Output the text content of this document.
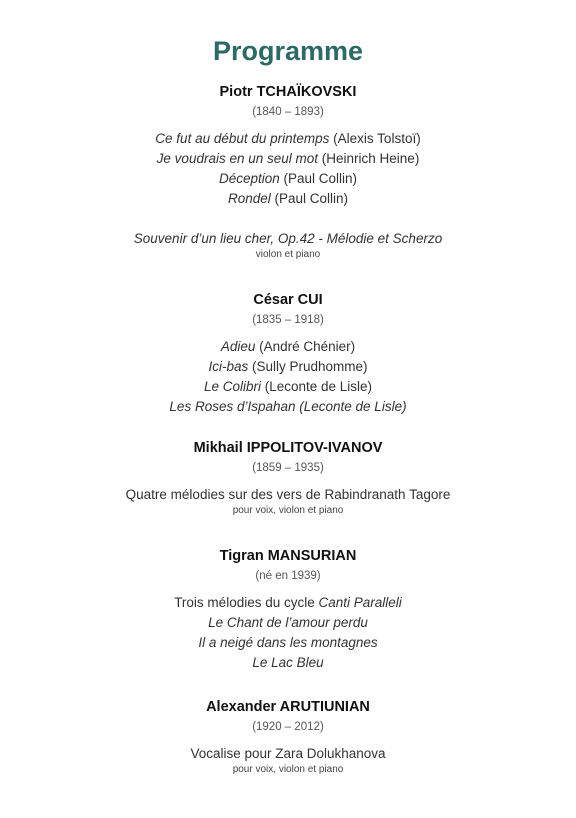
Programme
Piotr TCHAÏKOVSKI
(1840 – 1893)
Ce fut au début du printemps (Alexis Tolstoï)
Je voudrais en un seul mot (Heinrich Heine)
Déception (Paul Collin)
Rondel (Paul Collin)
Souvenir d’un lieu cher, Op.42 - Mélodie et Scherzo
violon et piano
César CUI
(1835 – 1918)
Adieu (André Chénier)
Ici-bas (Sully Prudhomme)
Le Colibri (Leconte de Lisle)
Les Roses d’Ispahan (Leconte de Lisle)
Mikhail IPPOLITOV-IVANOV
(1859 – 1935)
Quatre mélodies sur des vers de Rabindranath Tagore
pour voix, violon et piano
Tigran MANSURIAN
(né en 1939)
Trois mélodies du cycle Canti Paralleli
Le Chant de l’amour perdu
Il a neigé dans les montagnes
Le Lac Bleu
Alexander ARUTIUNIAN
(1920 – 2012)
Vocalise pour Zara Dolukhanova
pour voix, violon et piano
